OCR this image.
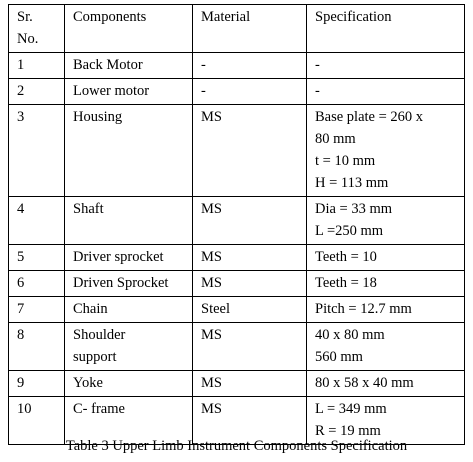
Sr.
No.	Components	Material	Specification
1	Back Motor	-	-

2	Lower motor	-	-

3	Housing	MS	Base plate = 260 x
80 mm
t = 10 mm
H = 113 mm

4	Shaft	MS	Dia = 33 mm
L =250 mm

5	Driver sprocket	MS	Teeth = 10

6	Driven Sprocket	MS	Teeth = 18

7	Chain	Steel	Pitch = 12.7 mm

8	Shoulder
support	MS	40 x 80 mm
560 mm

9	Yoke	MS	80 x 58 x 40 mm

10	C- frame	MS	L = 349 mm
R = 19 mm
Table 3 Upper Limb Instrument Components Specification
